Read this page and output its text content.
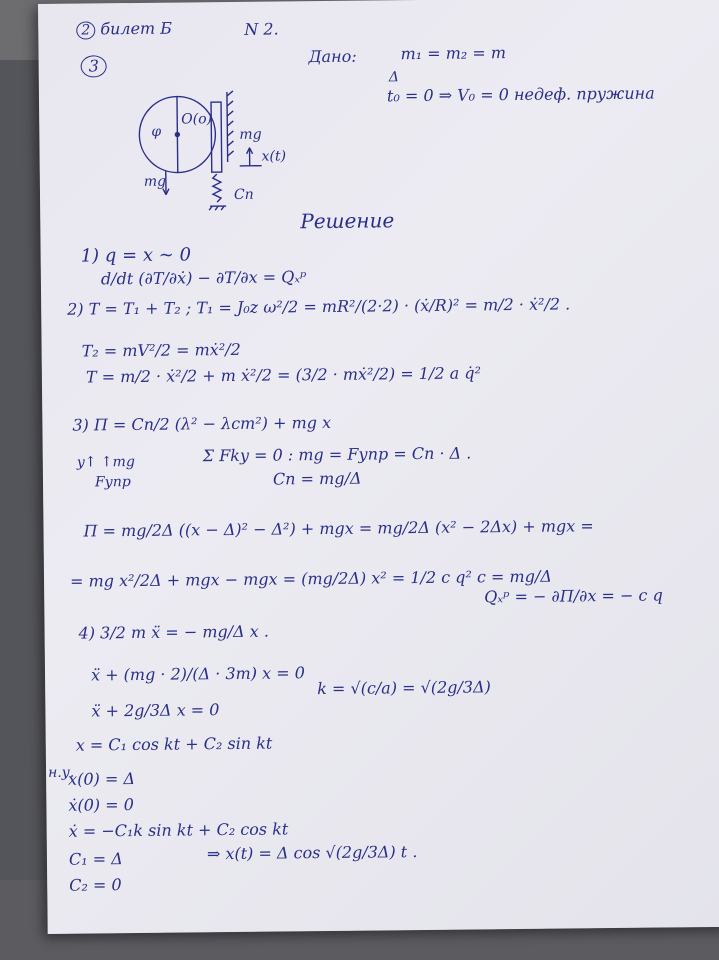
2 билет Б	N 2.
3	Дано:	m₁ = m₂ = m
Δ
t₀ = 0 ⇒ V₀ = 0 недеф. пружина
φ
O(o)
mg
mg
x(t)
Cп
Решение
1) q = x ~ 0
d/dt (∂T/∂ẋ) − ∂T/∂x = Qₓᵖ
2) T = T₁ + T₂ ; T₁ = J₀z ω²/2 = mR²/(2·2) · (ẋ/R)² = m/2 · ẋ²/2 .
T₂ = mV²/2 = mẋ²/2
T = m/2 · ẋ²/2 + m ẋ²/2 = (3/2 · mẋ²/2) = 1/2 a q̇²
3) П = Cп/2 (λ² − λст²) + mg x
y↑ ↑mg
Fупр
Σ Fky = 0 : mg = Fупр = Cп · Δ .
Cп = mg/Δ
П = mg/2Δ ((x − Δ)² − Δ²) + mgx = mg/2Δ (x² − 2Δx) + mgx =
= mg x²/2Δ + mgx − mgx = (mg/2Δ) x² = 1/2 c q² c = mg/Δ
Qₓᵖ = − ∂П/∂x = − c q
4) 3/2 m ẍ = − mg/Δ x .
ẍ + (mg · 2)/(Δ · 3m) x = 0
ẍ + 2g/3Δ x = 0
k = √(c/a) = √(2g/3Δ)
x = C₁ cos kt + C₂ sin kt
н.у.
x(0) = Δ
ẋ(0) = 0
ẋ = −C₁k sin kt + C₂ cos kt
C₁ = Δ	⇒ x(t) = Δ cos √(2g/3Δ) t .
C₂ = 0
